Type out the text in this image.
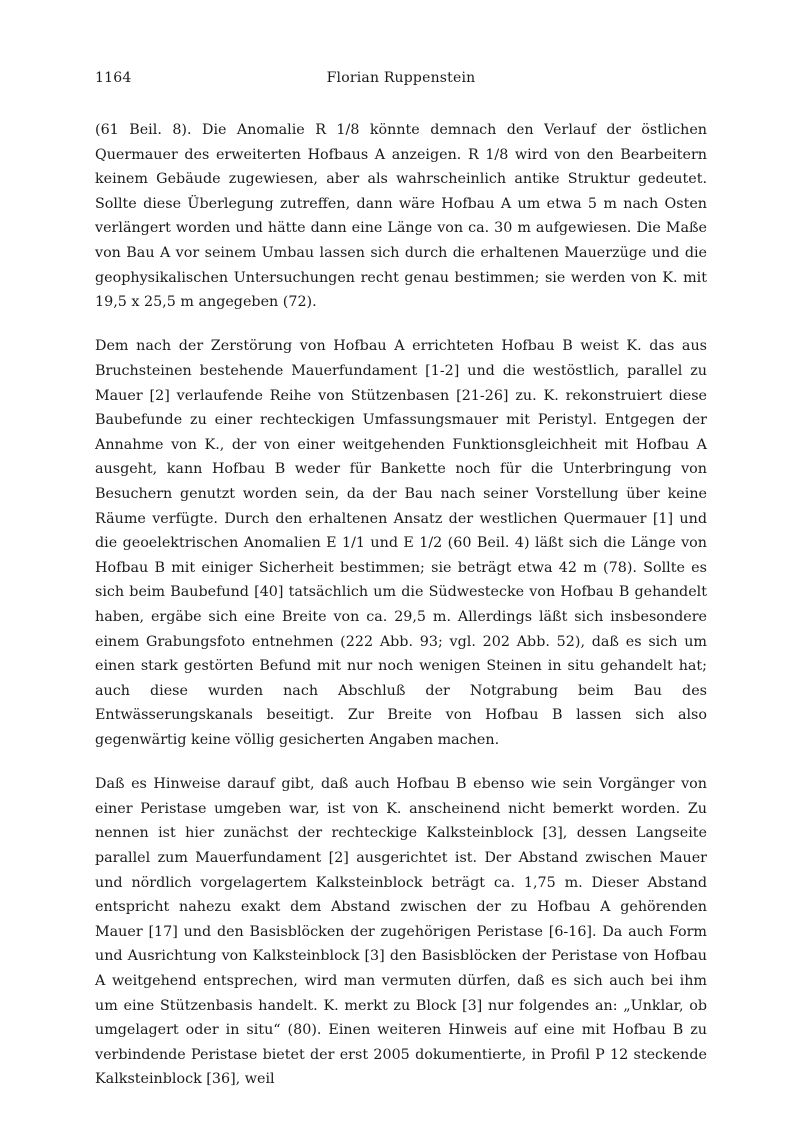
1164	Florian Ruppenstein

(61 Beil. 8). Die Anomalie R 1/8 könnte demnach den Verlauf der östlichen Quermauer des erweiterten Hofbaus A anzeigen. R 1/8 wird von den Bearbeitern keinem Gebäude zugewiesen, aber als wahrscheinlich antike Struktur gedeutet. Sollte diese Überlegung zutreffen, dann wäre Hofbau A um etwa 5 m nach Osten verlängert worden und hätte dann eine Länge von ca. 30 m aufgewiesen. Die Maße von Bau A vor seinem Umbau lassen sich durch die erhaltenen Mauerzüge und die geophysikalischen Untersuchungen recht genau bestimmen; sie werden von K. mit 19,5 x 25,5 m angegeben (72).

Dem nach der Zerstörung von Hofbau A errichteten Hofbau B weist K. das aus Bruchsteinen bestehende Mauerfundament [1-2] und die westöstlich, parallel zu Mauer [2] verlaufende Reihe von Stützenbasen [21-26] zu. K. rekonstruiert diese Baubefunde zu einer rechteckigen Umfassungsmauer mit Peristyl. Entgegen der Annahme von K., der von einer weitgehenden Funktionsgleichheit mit Hofbau A ausgeht, kann Hofbau B weder für Bankette noch für die Unterbringung von Besuchern genutzt worden sein, da der Bau nach seiner Vorstellung über keine Räume verfügte. Durch den erhaltenen Ansatz der westlichen Quermauer [1] und die geoelektrischen Anomalien E 1/1 und E 1/2 (60 Beil. 4) läßt sich die Länge von Hofbau B mit einiger Sicherheit bestimmen; sie beträgt etwa 42 m (78). Sollte es sich beim Baubefund [40] tatsächlich um die Südwestecke von Hofbau B gehandelt haben, ergäbe sich eine Breite von ca. 29,5 m. Allerdings läßt sich insbesondere einem Grabungsfoto entnehmen (222 Abb. 93; vgl. 202 Abb. 52), daß es sich um einen stark gestörten Befund mit nur noch wenigen Steinen in situ gehandelt hat; auch diese wurden nach Abschluß der Notgrabung beim Bau des Entwässerungskanals beseitigt. Zur Breite von Hofbau B lassen sich also gegenwärtig keine völlig gesicherten Angaben machen.

Daß es Hinweise darauf gibt, daß auch Hofbau B ebenso wie sein Vorgänger von einer Peristase umgeben war, ist von K. anscheinend nicht bemerkt worden. Zu nennen ist hier zunächst der rechteckige Kalksteinblock [3], dessen Langseite parallel zum Mauerfundament [2] ausgerichtet ist. Der Abstand zwischen Mauer und nördlich vorgelagertem Kalksteinblock beträgt ca. 1,75 m. Dieser Abstand entspricht nahezu exakt dem Abstand zwischen der zu Hofbau A gehörenden Mauer [17] und den Basisblöcken der zugehörigen Peristase [6-16]. Da auch Form und Ausrichtung von Kalksteinblock [3] den Basisblöcken der Peristase von Hofbau A weitgehend entsprechen, wird man vermuten dürfen, daß es sich auch bei ihm um eine Stützenbasis handelt. K. merkt zu Block [3] nur folgendes an: „Unklar, ob umgelagert oder in situ“ (80). Einen weiteren Hinweis auf eine mit Hofbau B zu verbindende Peristase bietet der erst 2005 dokumentierte, in Profil P 12 steckende Kalksteinblock [36], weil
